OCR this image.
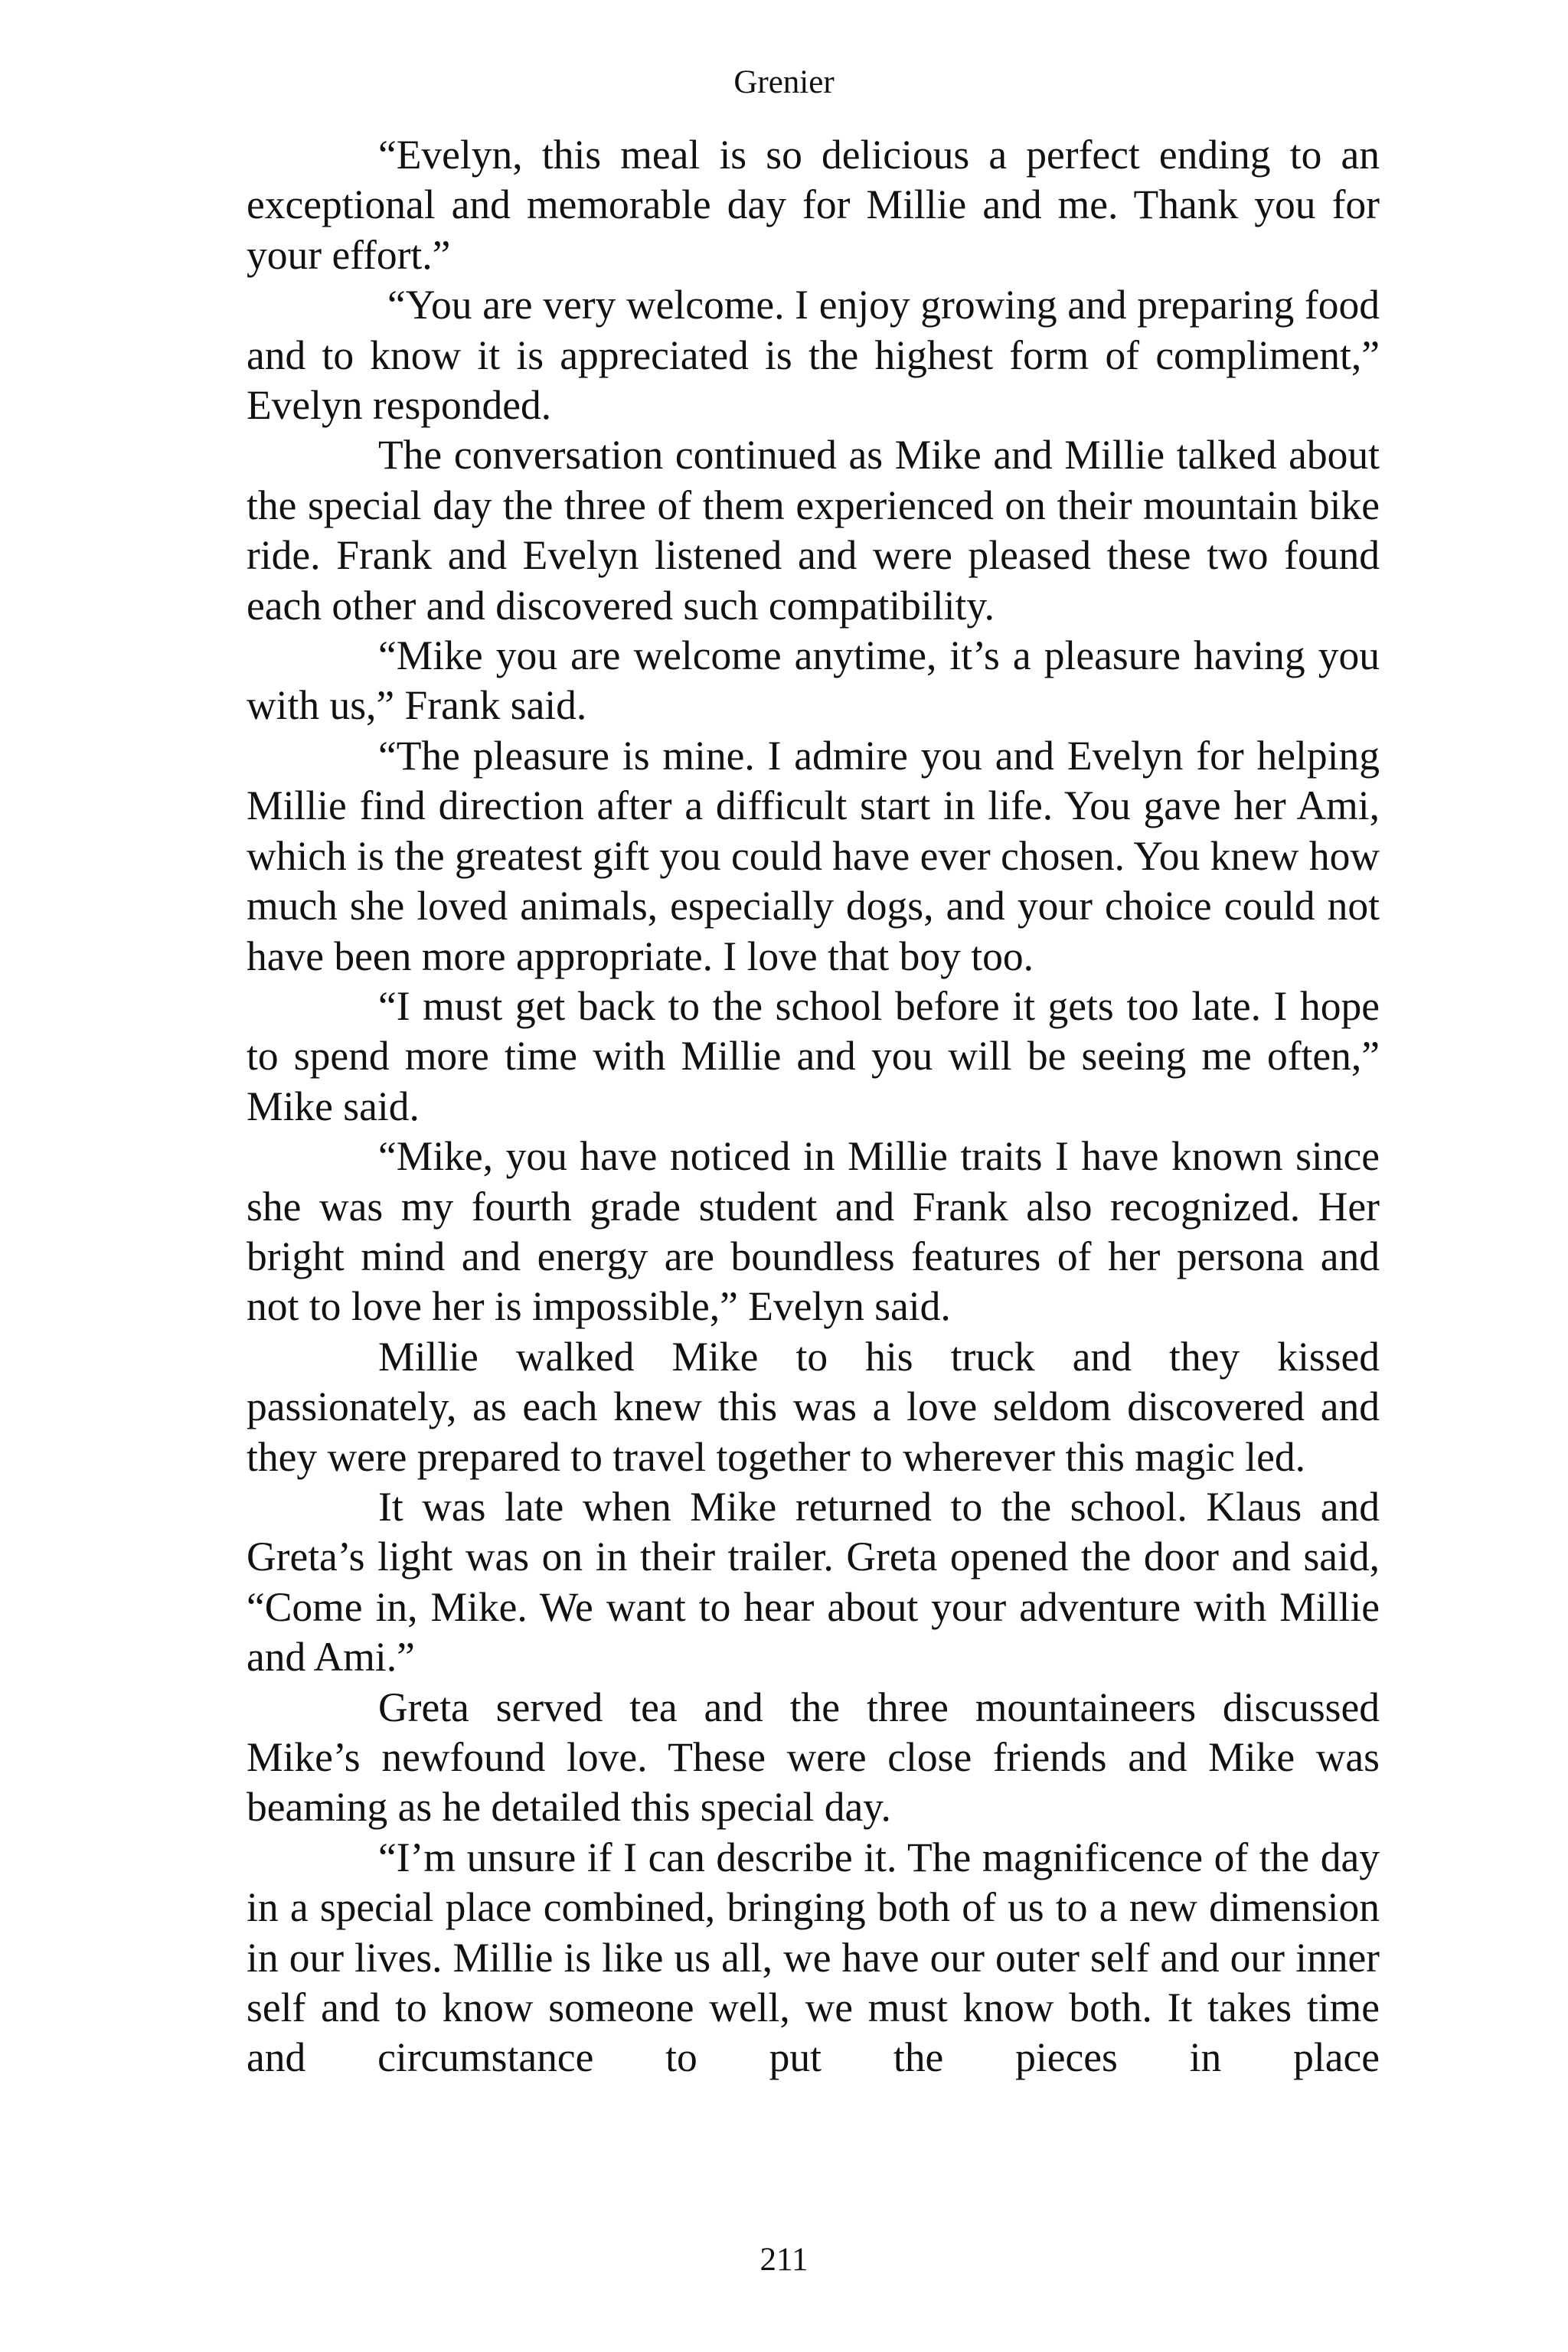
Grenier

“Evelyn, this meal is so delicious a perfect ending to an exceptional and memorable day for Millie and me. Thank you for your effort.”

“You are very welcome. I enjoy growing and preparing food and to know it is appreciated is the highest form of compliment,” Evelyn responded.

The conversation continued as Mike and Millie talked about the special day the three of them experienced on their mountain bike ride. Frank and Evelyn listened and were pleased these two found each other and discovered such compatibility.

“Mike you are welcome anytime, it’s a pleasure having you with us,” Frank said.

“The pleasure is mine. I admire you and Evelyn for helping Millie find direction after a difficult start in life. You gave her Ami, which is the greatest gift you could have ever chosen. You knew how much she loved animals, especially dogs, and your choice could not have been more appropriate. I love that boy too.

“I must get back to the school before it gets too late. I hope to spend more time with Millie and you will be seeing me often,” Mike said.

“Mike, you have noticed in Millie traits I have known since she was my fourth grade student and Frank also recognized. Her bright mind and energy are boundless features of her persona and not to love her is impossible,” Evelyn said.

Millie walked Mike to his truck and they kissed passionately, as each knew this was a love seldom discovered and they were prepared to travel together to wherever this magic led.

It was late when Mike returned to the school. Klaus and Greta’s light was on in their trailer. Greta opened the door and said, “Come in, Mike. We want to hear about your adventure with Millie and Ami.”

Greta served tea and the three mountaineers discussed Mike’s newfound love. These were close friends and Mike was beaming as he detailed this special day.

“I’m unsure if I can describe it. The magnificence of the day in a special place combined, bringing both of us to a new dimension in our lives. Millie is like us all, we have our outer self and our inner self and to know someone well, we must know both. It takes time and circumstance to put the pieces in place

211
